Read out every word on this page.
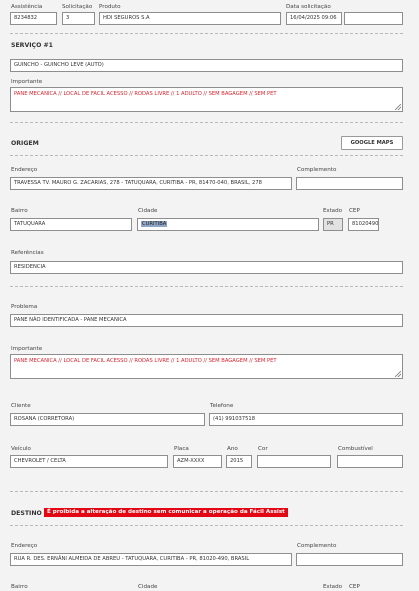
Assistência
8234832
Solicitação
3
Produto
HDI SEGUROS S.A
Data solicitação
16/04/2025 09:06
SERVIÇO #1
GUINCHO - GUINCHO LEVE (AUTO)
Importante
PANE MECANICA // LOCAL DE FACIL ACESSO // RODAS LIVRE // 1 ADULTO // SEM BAGAGEM // SEM PET
ORIGEM	GOOGLE MAPS
Endereço
TRAVESSA TV. MAURO G. ZACARIAS, 278 - TATUQUARA, CURITIBA - PR, 81470-040, BRASIL, 278
Complemento
Bairro
TATUQUARA
Cidade
CURITIBA
Estado
PR
CEP
81020490
Referências
RESIDENCIA
Problema
PANE NÃO IDENTIFICADA - PANE MECANICA
Importante
PANE MECANICA // LOCAL DE FACIL ACESSO // RODAS LIVRE // 1 ADULTO // SEM BAGAGEM // SEM PET
Cliente
ROSANA (CORRETORA)
Telefone
(41) 991037518
Veículo
CHEVROLET / CELTA
Placa
AZM-XXXX
Ano
2015
Cor	Combustível
DESTINO É proibida a alteração de destino sem comunicar a operação da Fácil Assist
Endereço
RUA R. DES. ERNÂNI ALMEIDA DE ABREU - TATUQUARA, CURITIBA - PR, 81020-490, BRASIL
Complemento
Bairro	Cidade	Estado CEP
